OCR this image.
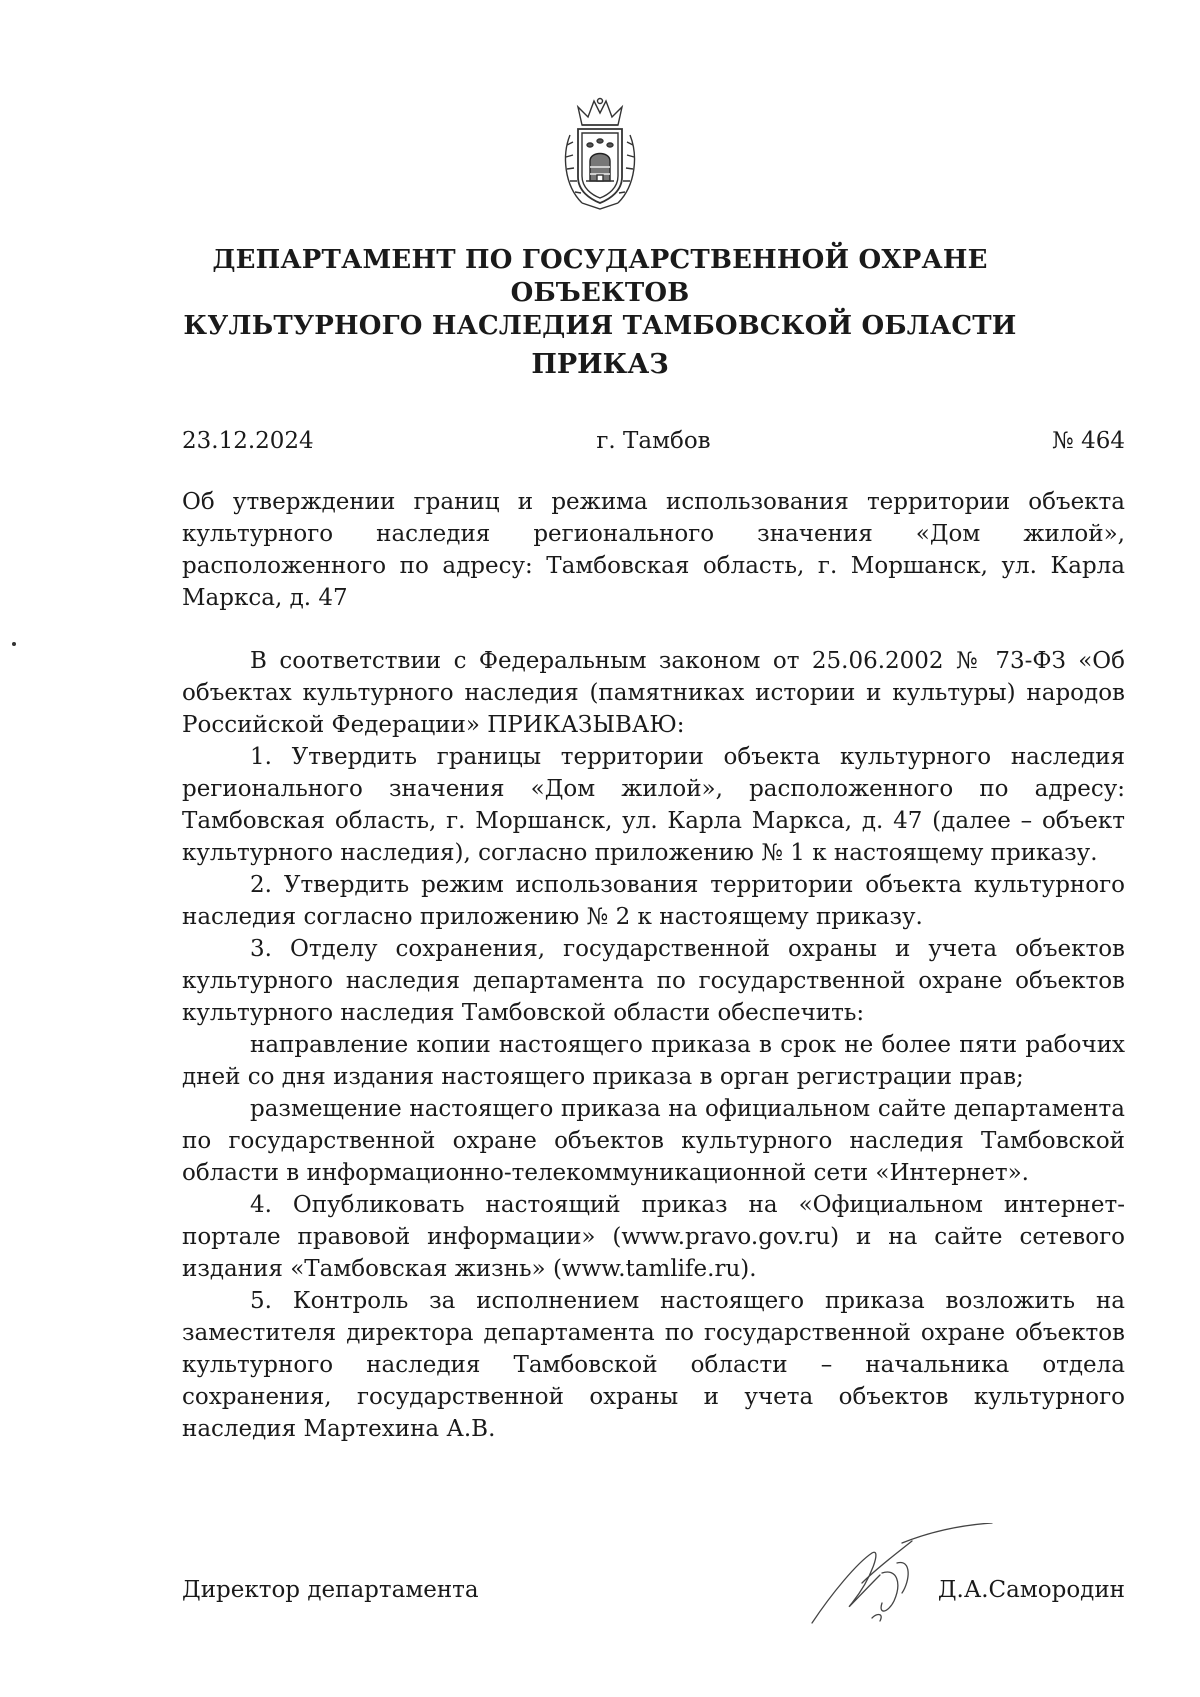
ДЕПАРТАМЕНТ ПО ГОСУДАРСТВЕННОЙ ОХРАНЕ ОБЪЕКТОВ
КУЛЬТУРНОГО НАСЛЕДИЯ ТАМБОВСКОЙ ОБЛАСТИ
ПРИКАЗ
23.12.2024	г. Тамбов	№ 464
Об утверждении границ и режима использования территории объекта культурного наследия регионального значения «Дом жилой», расположенного по адресу: Тамбовская область, г. Моршанск, ул. Карла Маркса, д. 47

В соответствии с Федеральным законом от 25.06.2002 № 73-ФЗ «Об объектах культурного наследия (памятниках истории и культуры) народов Российской Федерации» ПРИКАЗЫВАЮ:

1. Утвердить границы территории объекта культурного наследия регионального значения «Дом жилой», расположенного по адресу: Тамбовская область, г. Моршанск, ул. Карла Маркса, д. 47 (далее – объект культурного наследия), согласно приложению № 1 к настоящему приказу.

2. Утвердить режим использования территории объекта культурного наследия согласно приложению № 2 к настоящему приказу.

3. Отделу сохранения, государственной охраны и учета объектов культурного наследия департамента по государственной охране объектов культурного наследия Тамбовской области обеспечить:

направление копии настоящего приказа в срок не более пяти рабочих дней со дня издания настоящего приказа в орган регистрации прав;

размещение настоящего приказа на официальном сайте департамента по государственной охране объектов культурного наследия Тамбовской области в информационно-телекоммуникационной сети «Интернет».

4. Опубликовать настоящий приказ на «Официальном интернет-портале правовой информации» (www.pravo.gov.ru) и на сайте сетевого издания «Тамбовская жизнь» (www.tamlife.ru).

5. Контроль за исполнением настоящего приказа возложить на заместителя директора департамента по государственной охране объектов культурного наследия Тамбовской области – начальника отдела сохранения, государственной охраны и учета объектов культурного наследия Мартехина А.В.

Директор департамента	Д.А.Самородин
